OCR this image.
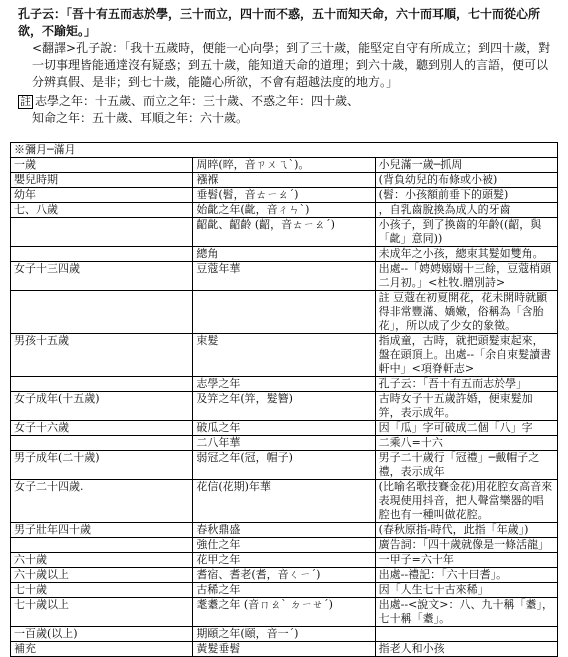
孔子云：「吾十有五而志於學，三十而立，四十而不惑，五十而知天命，六十而耳順，七十而從心所欲，不踰矩。」

<翻譯>孔子說：「我十五歲時，便能一心向學；到了三十歲，能堅定自守有所成立；到四十歲，對一切事理皆能通達沒有疑惑；到五十歲，能知道天命的道理；到六十歲，聽到別人的言語，便可以分辨真假、是非；到七十歲，能隨心所欲，不會有超越法度的地方。」

註 志學之年：十五歲、而立之年：三十歲、不惑之年：四十歲、

知命之年：五十歲、耳順之年：六十歲。

※彌月─滿月		
一歲	周晬(晬，音ㄗㄨㄟˋ)。	小兒滿一歲─抓周
嬰兒時期	襁褓	(背負幼兒的布條或小被)
幼年	垂髫(髫，音ㄊㄧㄠˊ)	(髫：小孩額前垂下的頭髮)
七、八歲	始齔之年(齔，音ㄔㄣˋ)	，自乳齒脫換為成人的牙齒
	齠齔、齠齡 (齠，音ㄊㄧㄠˊ)	小孩子，到了換齒的年齡((齠，與「齔」意同))
	總角	未成年之小孩，總束其髮如雙角。
女子十三四歲	豆蔻年華	出處--「娉娉嫋嫋十三餘，豆蔻梢頭二月初。」<杜牧.贈別詩>
		註 豆蔻在初夏開花，花未開時就顯得非常豐滿、嬌嫩，俗稱為「含胎花」，所以成了少女的象徵。
男孩十五歲	束髮	指成童，古時，就把頭髮束起來，盤在頭頂上。出處--「余自束髮讀書軒中」<項脊軒志>
	志學之年	孔子云：「吾十有五而志於學」
女子成年(十五歲)	及笄之年(笄，髮簪)	古時女子十五歲許婚，便束髮加笄，表示成年。
女子十六歲	破瓜之年	因「瓜」字可破成二個「八」字
	二八年華	二乘八=十六
男子成年(二十歲)	弱冠之年(冠，帽子)	男子二十歲行「冠禮」─戴帽子之禮，表示成年
女子二十四歲.	花信(花期)年華	(比喻名歌技賽金花)用花腔女高音來表現使用抖音，把人聲當樂器的唱腔也有一種叫做花腔。
男子壯年四十歲	春秋鼎盛	(春秋原指-時代，此指「年歲」)
	強仕之年	廣告詞：「四十歲就像是一條活龍」
六十歲	花甲之年	一甲子=六十年
六十歲以上	耆宿、耆老(耆，音ㄑㄧˊ)	出處--禮記：「六十曰耆」。
七十歲	古稀之年	因「人生七十古來稀」
七十歲以上	耄耋之年 (音ㄇㄠˋ ㄉㄧㄝˊ)	出處--<說文>：八、九十稱「耋」，七十稱「耋」。
一百歲(以上)	期頤之年(頤，音一ˊ)	
補充	黃髮垂髫	指老人和小孩
